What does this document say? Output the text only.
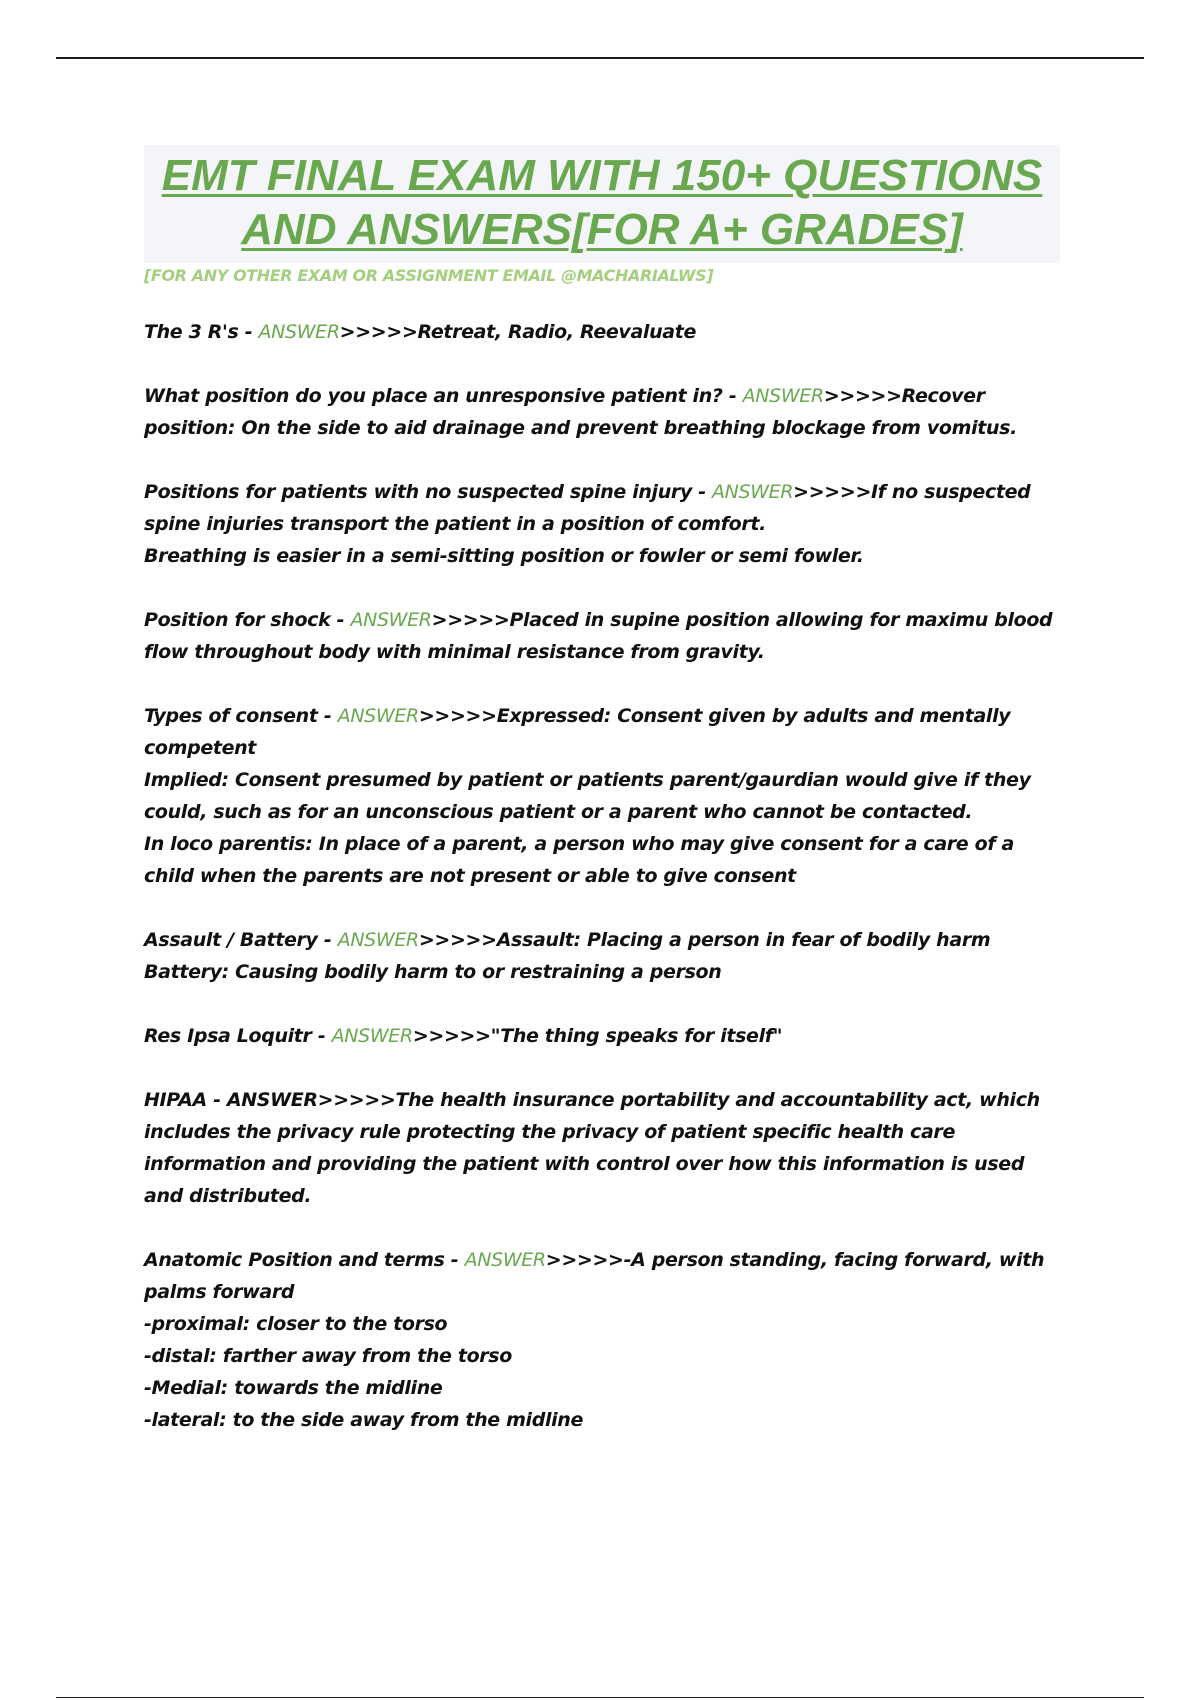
EMT FINAL EXAM WITH 150+ QUESTIONS AND ANSWERS[FOR A+ GRADES]

[FOR ANY OTHER EXAM OR ASSIGNMENT EMAIL @MACHARIALWS]

The 3 R's - ANSWER>>>>>Retreat, Radio, Reevaluate
What position do you place an unresponsive patient in? - ANSWER>>>>>Recover position: On the side to aid drainage and prevent breathing blockage from vomitus.
Positions for patients with no suspected spine injury - ANSWER>>>>>If no suspected spine injuries transport the patient in a position of comfort.
Breathing is easier in a semi-sitting position or fowler or semi fowler.
Position for shock - ANSWER>>>>>Placed in supine position allowing for maximu blood flow throughout body with minimal resistance from gravity.
Types of consent - ANSWER>>>>>Expressed: Consent given by adults and mentally competent
Implied: Consent presumed by patient or patients parent/gaurdian would give if they could, such as for an unconscious patient or a parent who cannot be contacted.
In loco parentis: In place of a parent, a person who may give consent for a care of a child when the parents are not present or able to give consent
Assault / Battery - ANSWER>>>>>Assault: Placing a person in fear of bodily harm
Battery: Causing bodily harm to or restraining a person
Res Ipsa Loquitr - ANSWER>>>>>"The thing speaks for itself"
HIPAA - ANSWER>>>>>The health insurance portability and accountability act, which includes the privacy rule protecting the privacy of patient specific health care information and providing the patient with control over how this information is used and distributed.
Anatomic Position and terms - ANSWER>>>>>-A person standing, facing forward, with palms forward
-proximal: closer to the torso
-distal: farther away from the torso
-Medial: towards the midline
-lateral: to the side away from the midline
